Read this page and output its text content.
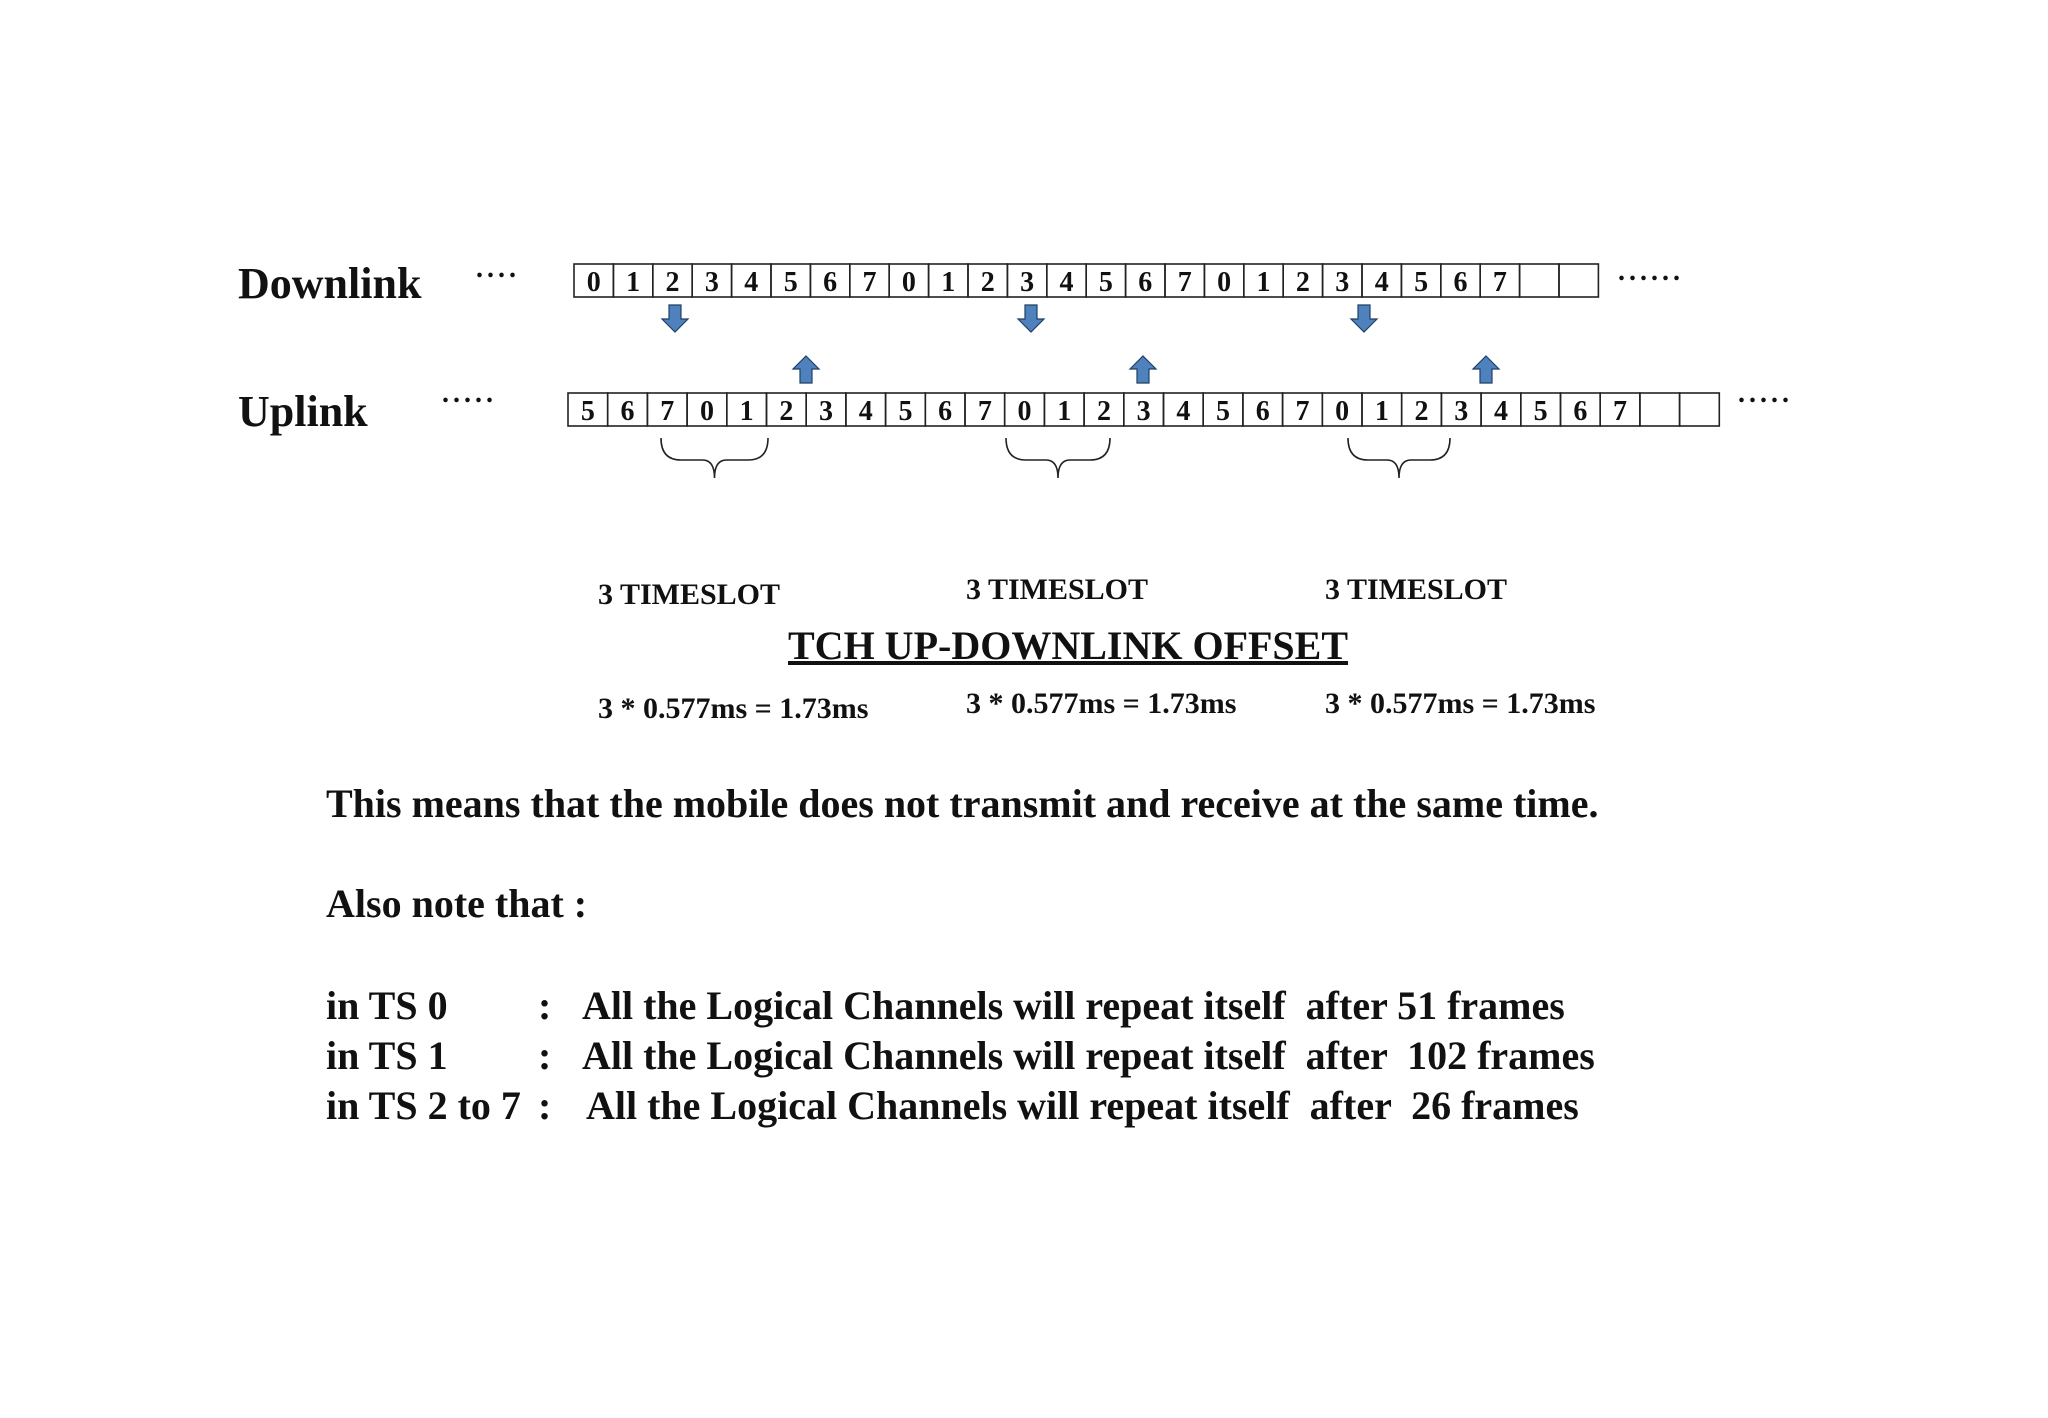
Downlink ....	......
Uplink	.....	.....
0 1 2 3 4 5 6 7 0 1 2 3 4 5 6 7 0 1 2 3 4 5 6 7
5 6 7 0 1 2 3 4 5 6 7 0 1 2 3 4 5 6 7 0 1 2 3 4 5 6 7

3 TIMESLOT

3 * 0.577ms = 1.73ms

3 TIMESLOT

3 * 0.577ms = 1.73ms

3 TIMESLOT

3 * 0.577ms = 1.73ms

TCH UP-DOWNLINK OFFSET
This means that the mobile does not transmit and receive at the same time.
Also note that :
in TS 0 : All the Logical Channels will repeat itself  after 51 frames
in TS 1 : All the Logical Channels will repeat itself  after  102 frames
in TS 2 to 7 : All the Logical Channels will repeat itself  after  26 frames
